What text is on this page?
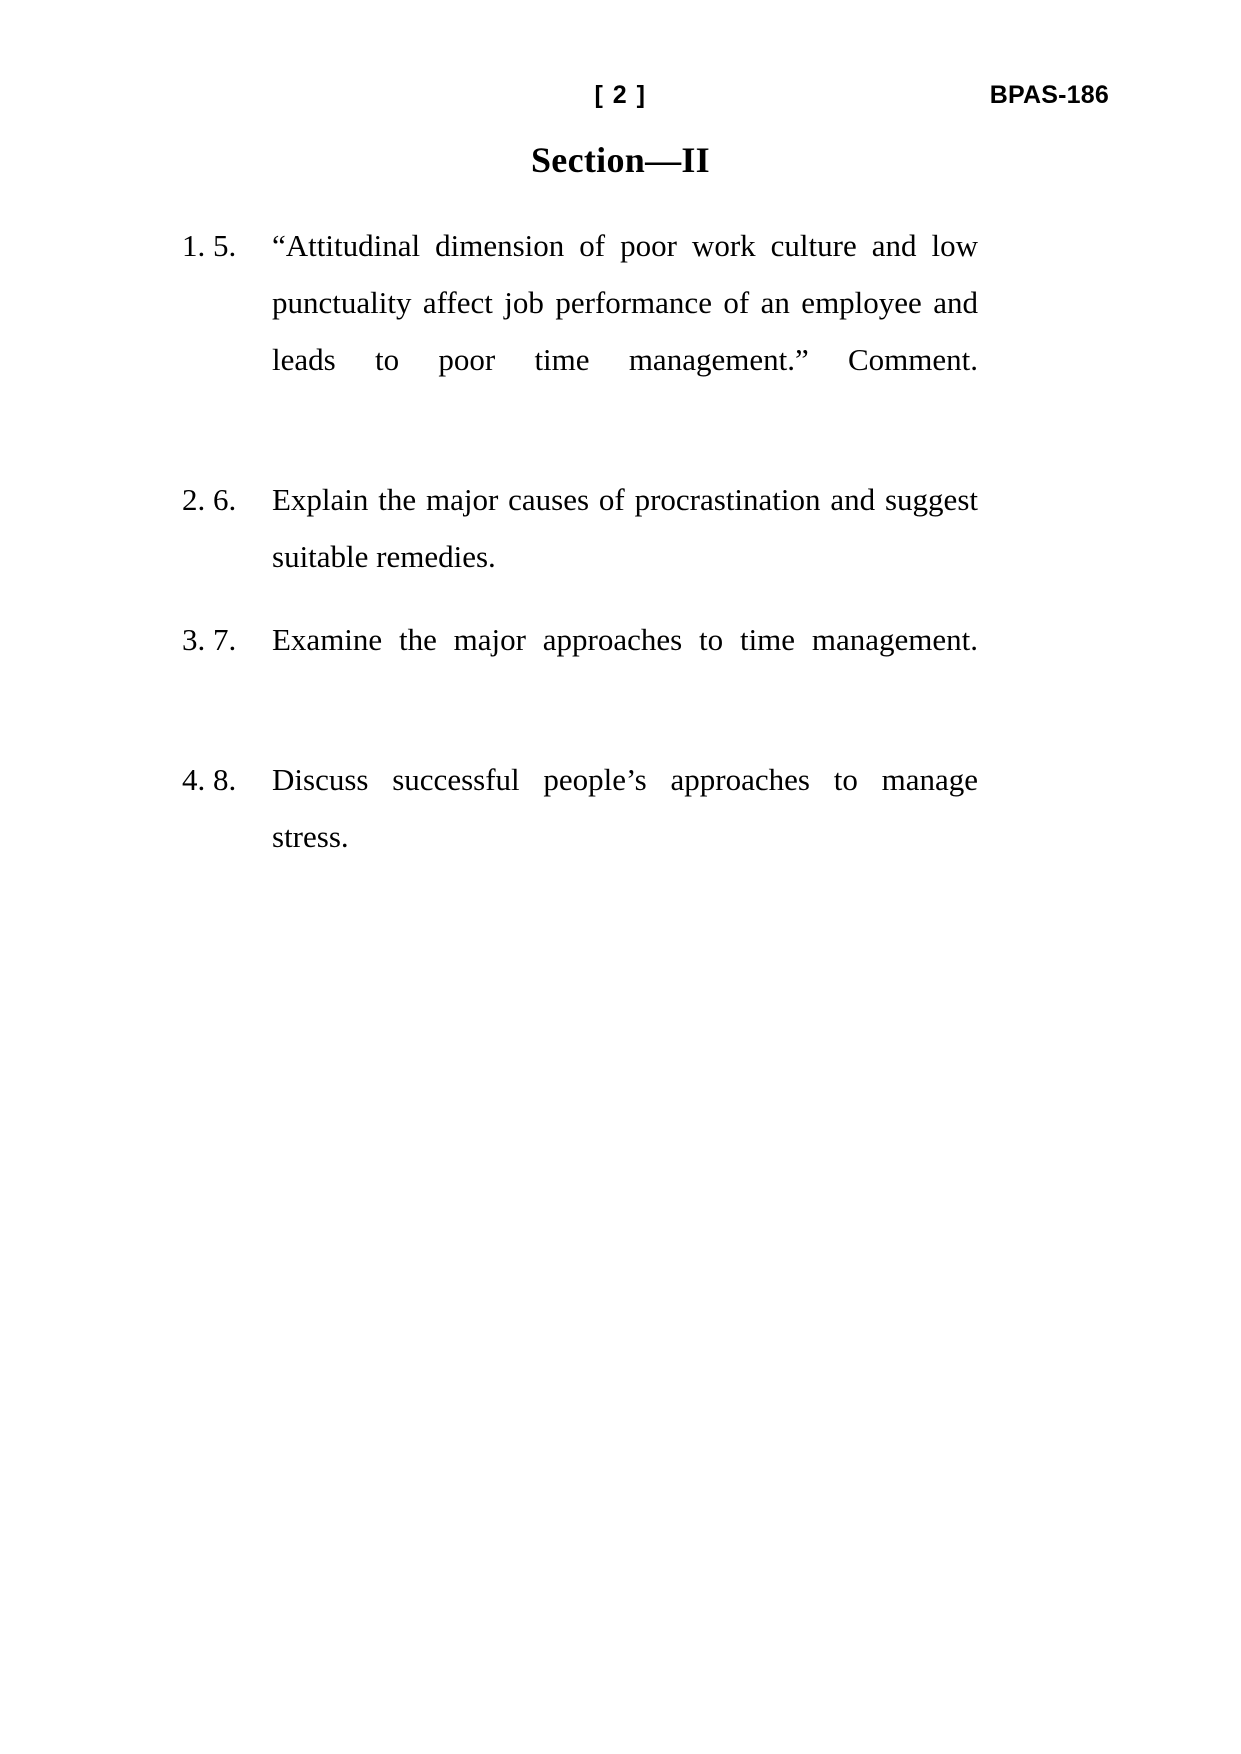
[ 2 ]	BPAS-186
Section—II
1. 5.	“Attitudinal dimension of poor work culture and low punctuality affect job performance of an employee and leads to poor time management.” Comment.
2. 6.	Explain the major causes of procrastination and suggest suitable remedies.
3. 7.	Examine the major approaches to time management.
4. 8.	Discuss successful people’s approaches to manage stress.
